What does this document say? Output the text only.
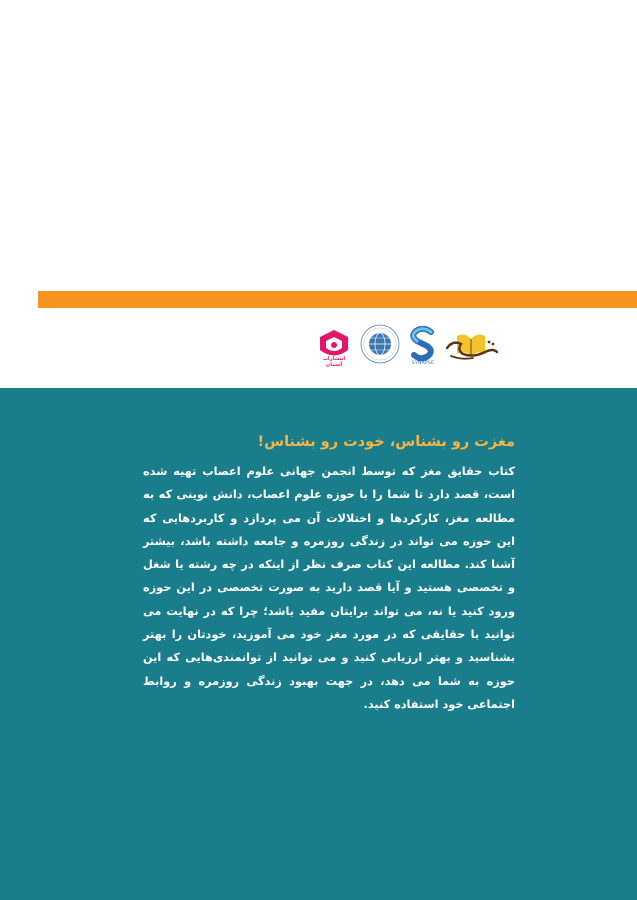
انتشارات آسمان	SYNAPSE
مغزت رو بشناس، خودت رو بشناس!
کتاب حقایق مغز که توسط انجمن جهانی علوم اعصاب تهیه شده است، قصد دارد تا شما را با حوزه علوم اعصاب، دانش نوینی که به مطالعه مغز، کارکردها و اختلالات آن می پردازد و کاربردهایی که این حوزه می تواند در زندگی روزمره و جامعه داشته باشد، بیشتر آشنا کند. مطالعه این کتاب صرف نظر از اینکه در چه رشته یا شغل و تخصصی هستید و آیا قصد دارید به صورت تخصصی در این حوزه ورود کنید یا نه، می تواند برایتان مفید باشد؛ چرا که در نهایت می توانید با حقایقی که در مورد مغز خود می آموزید، خودتان را بهتر بشناسید و بهتر ارزیابی کنید و می توانید از توانمندی‌هایی که این حوزه به شما می دهد، در جهت بهبود زندگی روزمره و روابط اجتماعی خود استفاده کنید.
